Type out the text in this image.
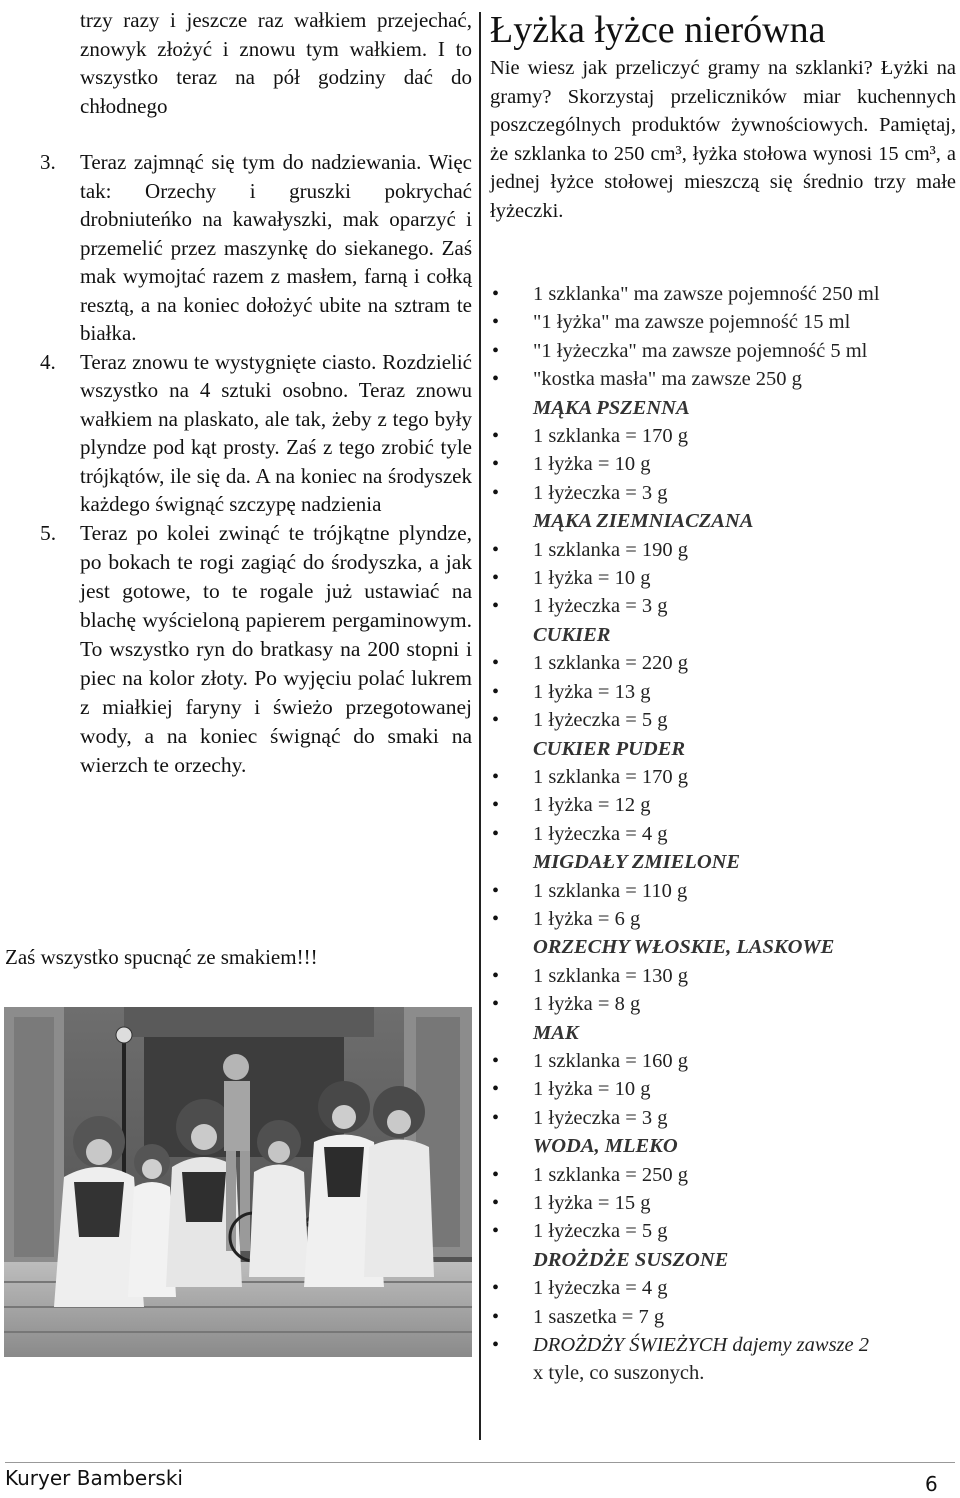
trzy razy i jeszcze raz wałkiem przejechać, znowyk złożyć i znowu tym wałkiem. I to wszystko teraz na pół godziny dać do chłodnego

3. Teraz zajmnąć się tym do nadziewania. Więc tak: Orzechy i gruszki pokrychać drobniuteńko na kawałyszki, mak oparzyć i przemelić przez maszynkę do siekanego. Zaś mak wymojtać razem z masłem, farną i cołką resztą, a na koniec dołożyć ubite na sztram te białka.
4. Teraz znowu te wystygnięte ciasto. Rozdzielić wszystko na 4 sztuki osobno. Teraz znowu wałkiem na plaskato, ale tak, żeby z tego były plyndze pod kąt prosty. Zaś z tego zrobić tyle trójkątów, ile się da. A na koniec na środyszek każdego śwignąć szczypę nadzienia
5. Teraz po kolei zwinąć te trójkątne plyndze, po bokach te rogi zagiąć do środyszka, a jak jest gotowe, to te rogale już ustawiać na blachę wyścieloną papierem pergaminowym. To wszystko ryn do bratkasy na 200 stopni i piec na kolor złoty. Po wyjęciu polać lukrem z miałkiej faryny i świeżo przegotowanej wody, a na koniec śwignąć do smaki na wierzch te orzechy.
Zaś wszystko spucnąć ze smakiem!!!
Łyżka łyżce nierówna

Nie wiesz jak przeliczyć gramy na szklanki? Łyżki na gramy? Skorzystaj przeliczników miar kuchennych poszczególnych produktów żywnościowych. Pamiętaj, że szklanka to 250 cm³, łyżka stołowa wynosi 15 cm³, a jednej łyżce stołowej mieszczą się średnio trzy małe łyżeczki.

• 1 szklanka" ma zawsze pojemność 250 ml
• "1 łyżka" ma zawsze pojemność 15 ml
• "1 łyżeczka" ma zawsze pojemność 5 ml
• "kostka masła" ma zawsze 250 g
MĄKA PSZENNA
• 1 szklanka = 170 g
• 1 łyżka = 10 g
• 1 łyżeczka = 3 g
MĄKA ZIEMNIACZANA
• 1 szklanka = 190 g
• 1 łyżka = 10 g
• 1 łyżeczka = 3 g
CUKIER
• 1 szklanka = 220 g
• 1 łyżka = 13 g
• 1 łyżeczka = 5 g
CUKIER PUDER
• 1 szklanka = 170 g
• 1 łyżka = 12 g
• 1 łyżeczka = 4 g
MIGDAŁY ZMIELONE
• 1 szklanka = 110 g
• 1 łyżka = 6 g
ORZECHY WŁOSKIE, LASKOWE
• 1 szklanka = 130 g
• 1 łyżka = 8 g
MAK
• 1 szklanka = 160 g
• 1 łyżka = 10 g
• 1 łyżeczka = 3 g
WODA, MLEKO
• 1 szklanka = 250 g
• 1 łyżka = 15 g
• 1 łyżeczka = 5 g
DROŻDŻE SUSZONE
• 1 łyżeczka = 4 g
• 1 saszetka = 7 g
• DROŻDŻY ŚWIEŻYCH dajemy zawsze 2
x tyle, co suszonych.
Kuryer Bamberski	6
